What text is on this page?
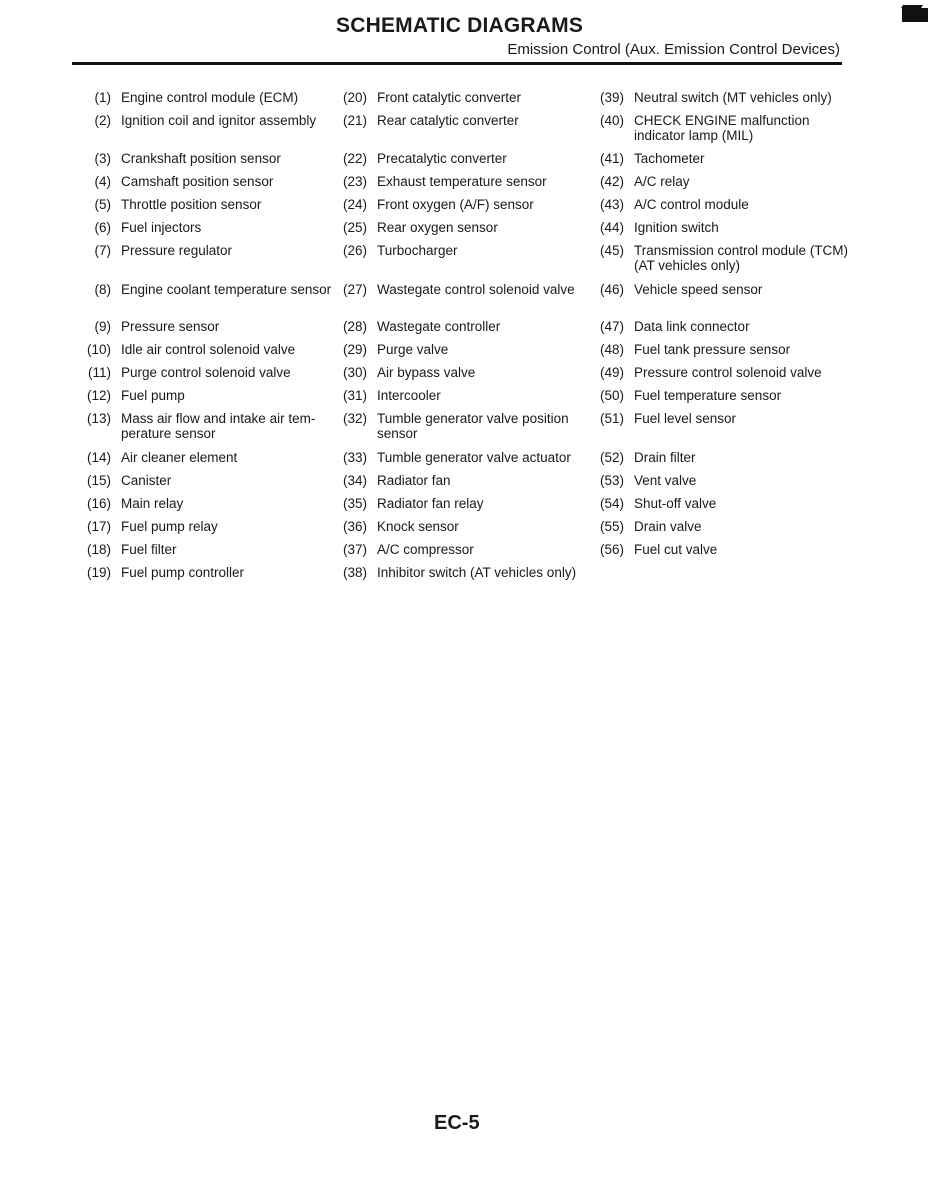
SCHEMATIC DIAGRAMS
Emission Control (Aux. Emission Control Devices)
(1) Engine control module (ECM)
(2) Ignition coil and ignitor assembly
(3) Crankshaft position sensor
(4) Camshaft position sensor
(5) Throttle position sensor
(6) Fuel injectors
(7) Pressure regulator
(8) Engine coolant temperature sensor
(9) Pressure sensor
(10) Idle air control solenoid valve
(11) Purge control solenoid valve
(12) Fuel pump
(13) Mass air flow and intake air tem-perature sensor
(14) Air cleaner element
(15) Canister
(16) Main relay
(17) Fuel pump relay
(18) Fuel filter
(19) Fuel pump controller
(20) Front catalytic converter
(21) Rear catalytic converter
(22) Precatalytic converter
(23) Exhaust temperature sensor
(24) Front oxygen (A/F) sensor
(25) Rear oxygen sensor
(26) Turbocharger
(27) Wastegate control solenoid valve
(28) Wastegate controller
(29) Purge valve
(30) Air bypass valve
(31) Intercooler
(32) Tumble generator valve position sensor
(33) Tumble generator valve actuator
(34) Radiator fan
(35) Radiator fan relay
(36) Knock sensor
(37) A/C compressor
(38) Inhibitor switch (AT vehicles only)
(39) Neutral switch (MT vehicles only)
(40) CHECK ENGINE malfunction indicator lamp (MIL)
(41) Tachometer
(42) A/C relay
(43) A/C control module
(44) Ignition switch
(45) Transmission control module (TCM) (AT vehicles only)
(46) Vehicle speed sensor
(47) Data link connector
(48) Fuel tank pressure sensor
(49) Pressure control solenoid valve
(50) Fuel temperature sensor
(51) Fuel level sensor
(52) Drain filter
(53) Vent valve
(54) Shut-off valve
(55) Drain valve
(56) Fuel cut valve
EC-5
